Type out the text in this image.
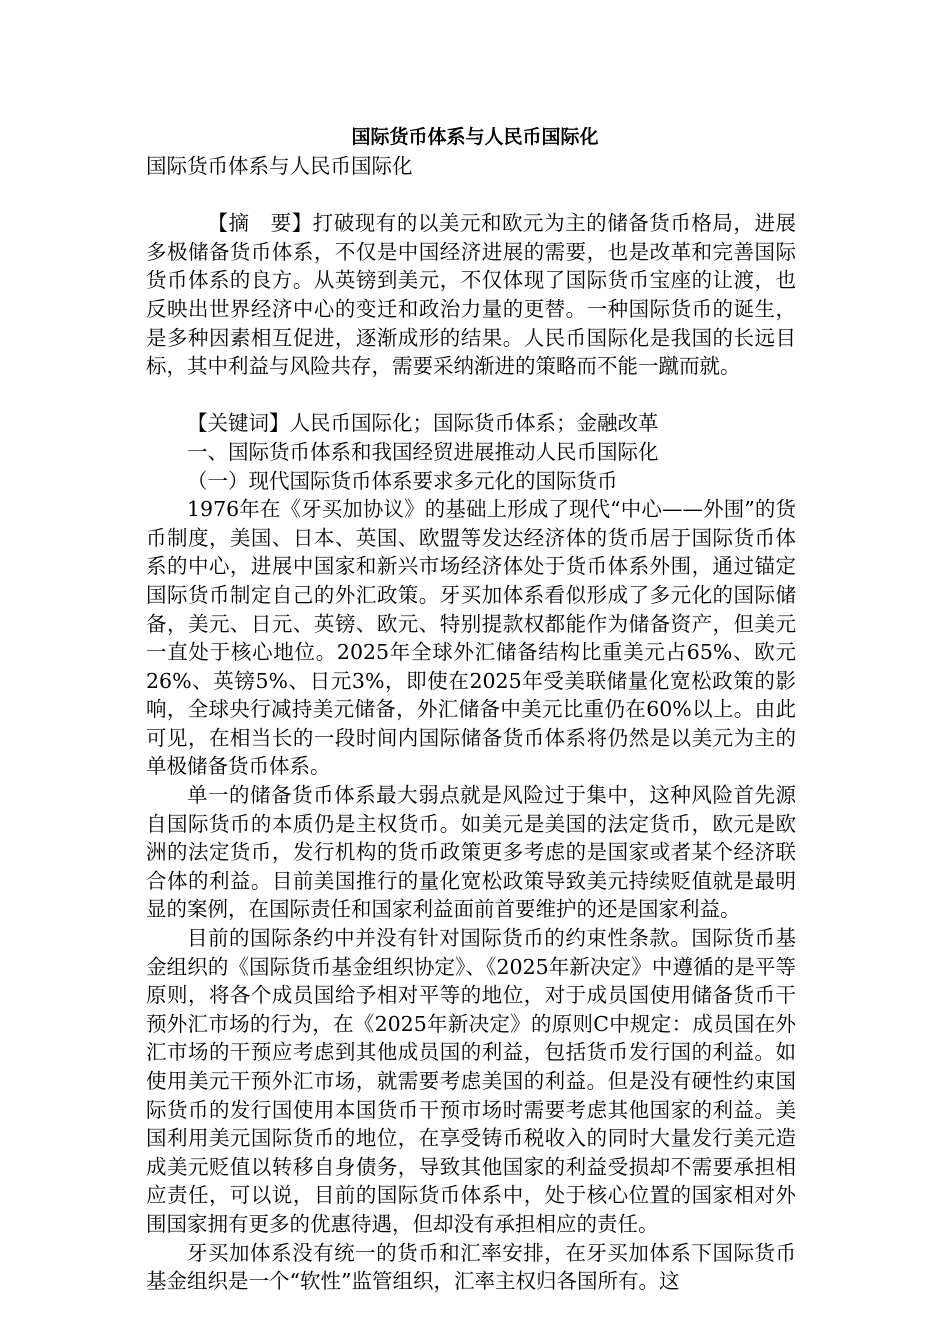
国际货币体系与人民币国际化

国际货币体系与人民币国际化

【摘　要】打破现有的以美元和欧元为主的储备货币格局，进展多极储备货币体系，不仅是中国经济进展的需要，也是改革和完善国际货币体系的良方。从英镑到美元，不仅体现了国际货币宝座的让渡，也反映出世界经济中心的变迁和政治力量的更替。一种国际货币的诞生，是多种因素相互促进，逐渐成形的结果。人民币国际化是我国的长远目标，其中利益与风险共存，需要采纳渐进的策略而不能一蹴而就。

【关键词】人民币国际化；国际货币体系；金融改革

一、国际货币体系和我国经贸进展推动人民币国际化

（一）现代国际货币体系要求多元化的国际货币

1976年在《牙买加协议》的基础上形成了现代“中心——外围”的货币制度，美国、日本、英国、欧盟等发达经济体的货币居于国际货币体系的中心，进展中国家和新兴市场经济体处于货币体系外围，通过锚定国际货币制定自己的外汇政策。牙买加体系看似形成了多元化的国际储备，美元、日元、英镑、欧元、特别提款权都能作为储备资产，但美元一直处于核心地位。2025年全球外汇储备结构比重美元占65%、欧元26%、英镑5%、日元3%，即使在2025年受美联储量化宽松政策的影响，全球央行减持美元储备，外汇储备中美元比重仍在60%以上。由此可见，在相当长的一段时间内国际储备货币体系将仍然是以美元为主的单极储备货币体系。

单一的储备货币体系最大弱点就是风险过于集中，这种风险首先源自国际货币的本质仍是主权货币。如美元是美国的法定货币，欧元是欧洲的法定货币，发行机构的货币政策更多考虑的是国家或者某个经济联合体的利益。目前美国推行的量化宽松政策导致美元持续贬值就是最明显的案例，在国际责任和国家利益面前首要维护的还是国家利益。

目前的国际条约中并没有针对国际货币的约束性条款。国际货币基金组织的《国际货币基金组织协定》、《2025年新决定》中遵循的是平等原则，将各个成员国给予相对平等的地位，对于成员国使用储备货币干预外汇市场的行为，在《2025年新决定》的原则C中规定：成员国在外汇市场的干预应考虑到其他成员国的利益，包括货币发行国的利益。如使用美元干预外汇市场，就需要考虑美国的利益。但是没有硬性约束国际货币的发行国使用本国货币干预市场时需要考虑其他国家的利益。美国利用美元国际货币的地位，在享受铸币税收入的同时大量发行美元造成美元贬值以转移自身债务，导致其他国家的利益受损却不需要承担相应责任，可以说，目前的国际货币体系中，处于核心位置的国家相对外围国家拥有更多的优惠待遇，但却没有承担相应的责任。

牙买加体系没有统一的货币和汇率安排，在牙买加体系下国际货币基金组织是一个“软性”监管组织，汇率主权归各国所有。这
